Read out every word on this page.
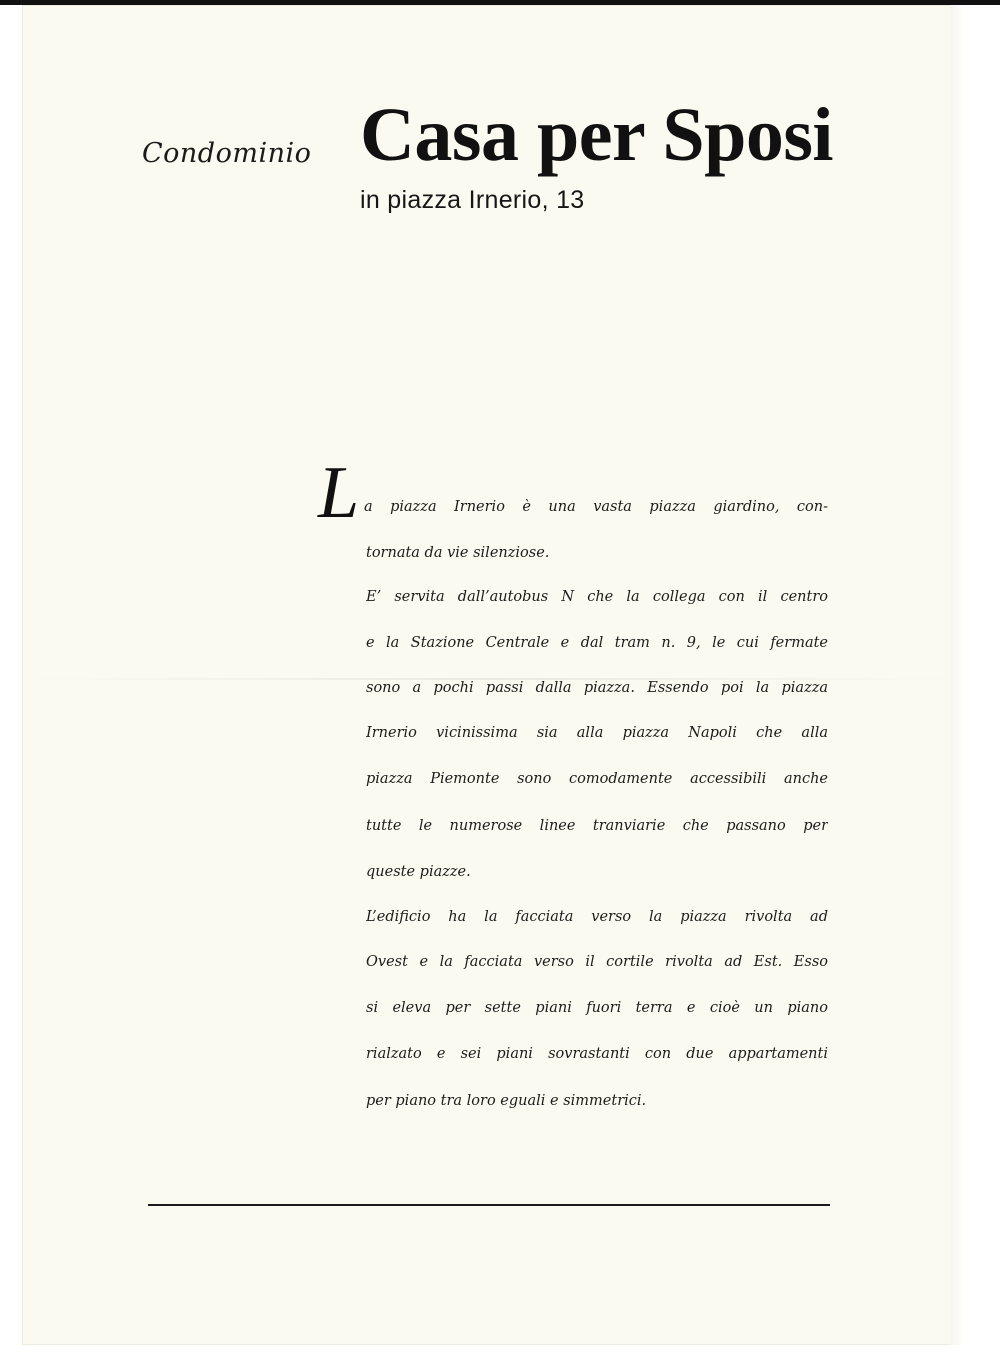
Condominio Casa per Sposi
in piazza Irnerio, 13
L a piazza Irnerio è una vasta piazza giardino, con-
tornata da vie silenziose.
E’ servita dall’autobus N che la collega con il centro
e la Stazione Centrale e dal tram n. 9, le cui fermate
sono a pochi passi dalla piazza. Essendo poi la piazza
Irnerio vicinissima sia alla piazza Napoli che alla
piazza Piemonte sono comodamente accessibili anche
tutte le numerose linee tranviarie che passano per
queste piazze.
L’edificio ha la facciata verso la piazza rivolta ad
Ovest e la facciata verso il cortile rivolta ad Est. Esso
si eleva per sette piani fuori terra e cioè un piano
rialzato e sei piani sovrastanti con due appartamenti
per piano tra loro eguali e simmetrici.
